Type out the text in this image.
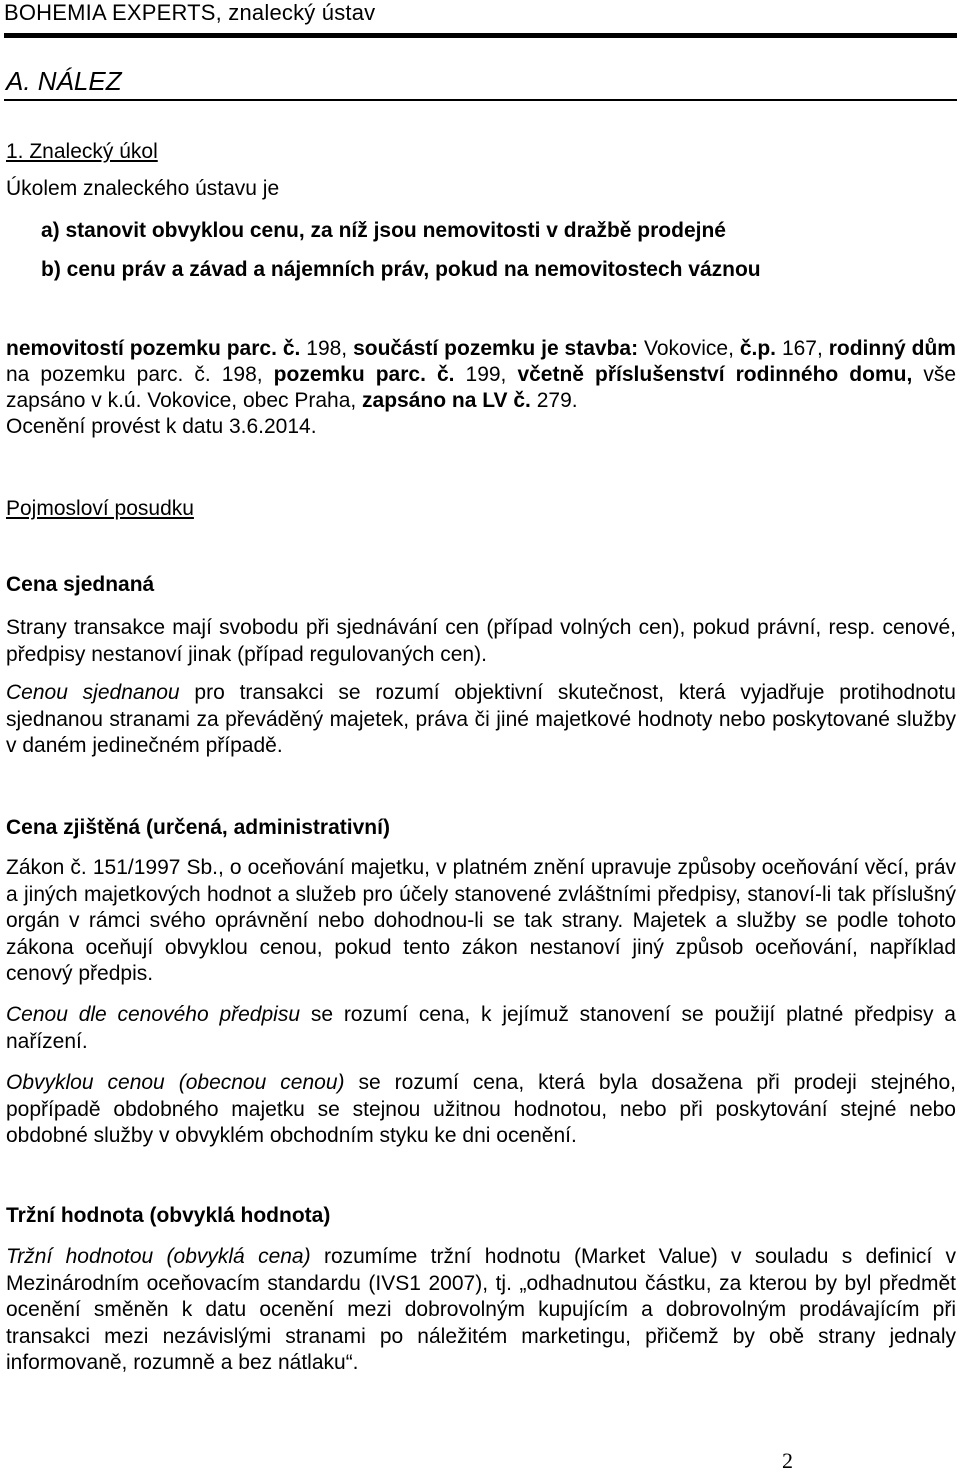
BOHEMIA EXPERTS, znalecký ústav
A. NÁLEZ

1. Znalecký úkol

Úkolem znaleckého ústavu je

a) stanovit obvyklou cenu, za níž jsou nemovitosti v dražbě prodejné
b) cenu práv a závad a nájemních práv, pokud na nemovitostech váznou

nemovitostí pozemku parc. č. 198, součástí pozemku je stavba: Vokovice, č.p. 167, rodinný dům na pozemku parc. č. 198, pozemku parc. č. 199, včetně příslušenství rodinného domu, vše zapsáno v k.ú. Vokovice, obec Praha, zapsáno na LV č. 279.

Ocenění provést k datu 3.6.2014.

Pojmosloví posudku

Cena sjednaná

Strany transakce mají svobodu při sjednávání cen (případ volných cen), pokud právní, resp. cenové, předpisy nestanoví jinak (případ regulovaných cen).

Cenou sjednanou pro transakci se rozumí objektivní skutečnost, která vyjadřuje protihodnotu sjednanou stranami za převáděný majetek, práva či jiné majetkové hodnoty nebo poskytované služby v daném jedinečném případě.

Cena zjištěná (určená, administrativní)

Zákon č. 151/1997 Sb., o oceňování majetku, v platném znění upravuje způsoby oceňování věcí, práv a jiných majetkových hodnot a služeb pro účely stanovené zvláštními předpisy, stanoví-li tak příslušný orgán v rámci svého oprávnění nebo dohodnou-li se tak strany. Majetek a služby se podle tohoto zákona oceňují obvyklou cenou, pokud tento zákon nestanoví jiný způsob oceňování, například cenový předpis.

Cenou dle cenového předpisu se rozumí cena, k jejímuž stanovení se použijí platné předpisy a nařízení.

Obvyklou cenou (obecnou cenou) se rozumí cena, která byla dosažena při prodeji stejného, popřípadě obdobného majetku se stejnou užitnou hodnotou, nebo při poskytování stejné nebo obdobné služby v obvyklém obchodním styku ke dni ocenění.

Tržní hodnota (obvyklá hodnota)

Tržní hodnotou (obvyklá cena) rozumíme tržní hodnotu (Market Value) v souladu s definicí v Mezinárodním oceňovacím standardu (IVS1 2007), tj. „odhadnutou částku, za kterou by byl předmět ocenění směněn k datu ocenění mezi dobrovolným kupujícím a dobrovolným prodávajícím při transakci mezi nezávislými stranami po náležitém marketingu, přičemž by obě strany jednaly informovaně, rozumně a bez nátlaku“.

2
